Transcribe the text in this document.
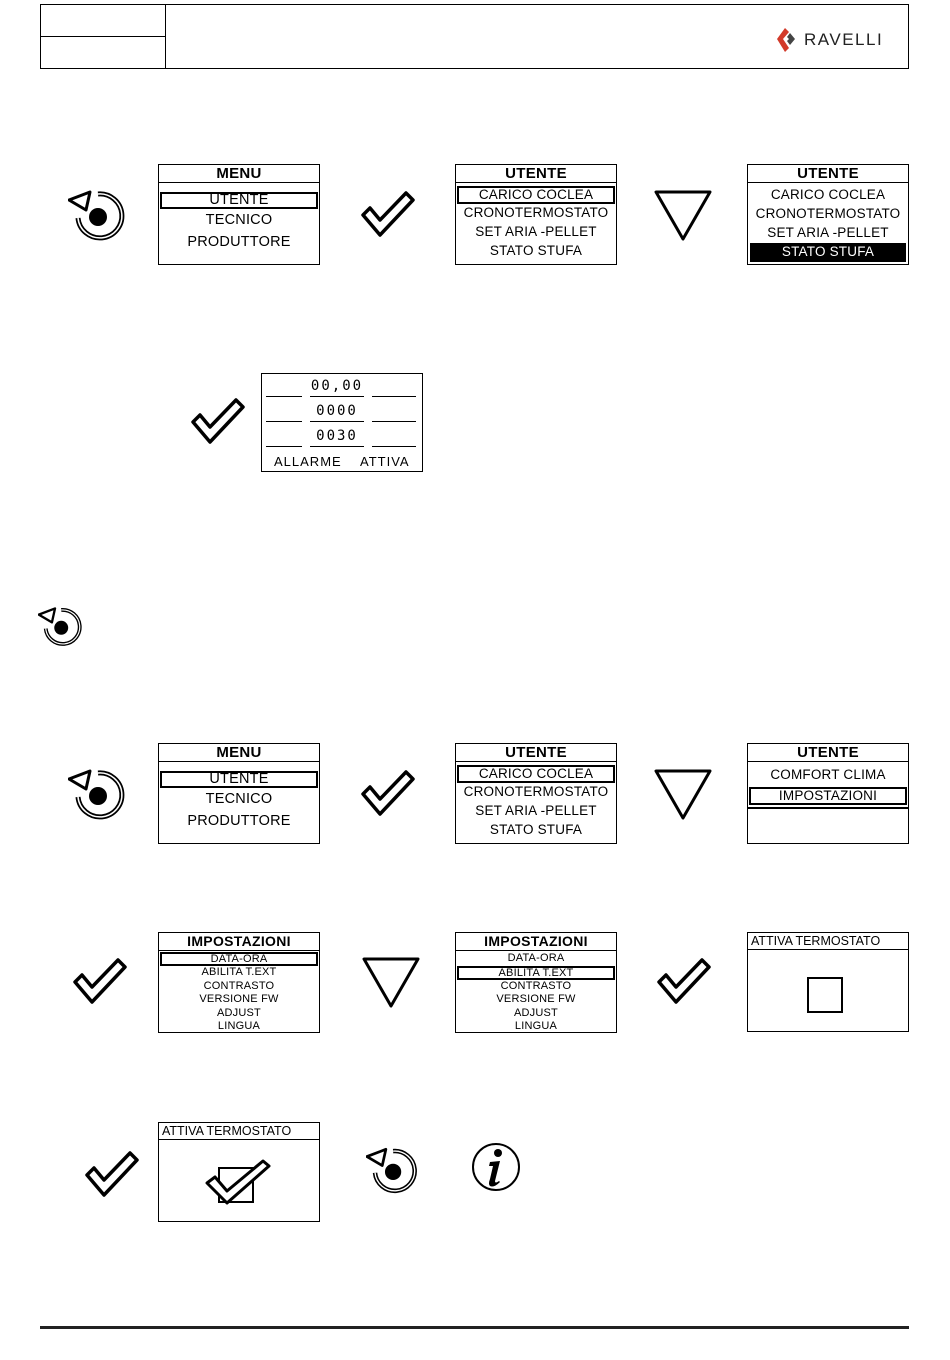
RAVELLI
MENU
UTENTE
TECNICO
PRODUTTORE
UTENTE
CARICO COCLEA
CRONOTERMOSTATO
SET ARIA -PELLET
STATO STUFA
UTENTE
CARICO COCLEA
CRONOTERMOSTATO
SET ARIA -PELLET
STATO STUFA
00,00
0000
0030
ALLARME ATTIVA
MENU
UTENTE
TECNICO
PRODUTTORE
UTENTE
CARICO COCLEA
CRONOTERMOSTATO
SET ARIA -PELLET
STATO STUFA
UTENTE
COMFORT CLIMA
IMPOSTAZIONI
IMPOSTAZIONI
DATA-ORA
ABILITA T.EXT
CONTRASTO
VERSIONE FW
ADJUST
LINGUA
IMPOSTAZIONI
DATA-ORA
ABILITA T.EXT
CONTRASTO
VERSIONE FW
ADJUST
LINGUA
ATTIVA TERMOSTATO
ATTIVA TERMOSTATO
